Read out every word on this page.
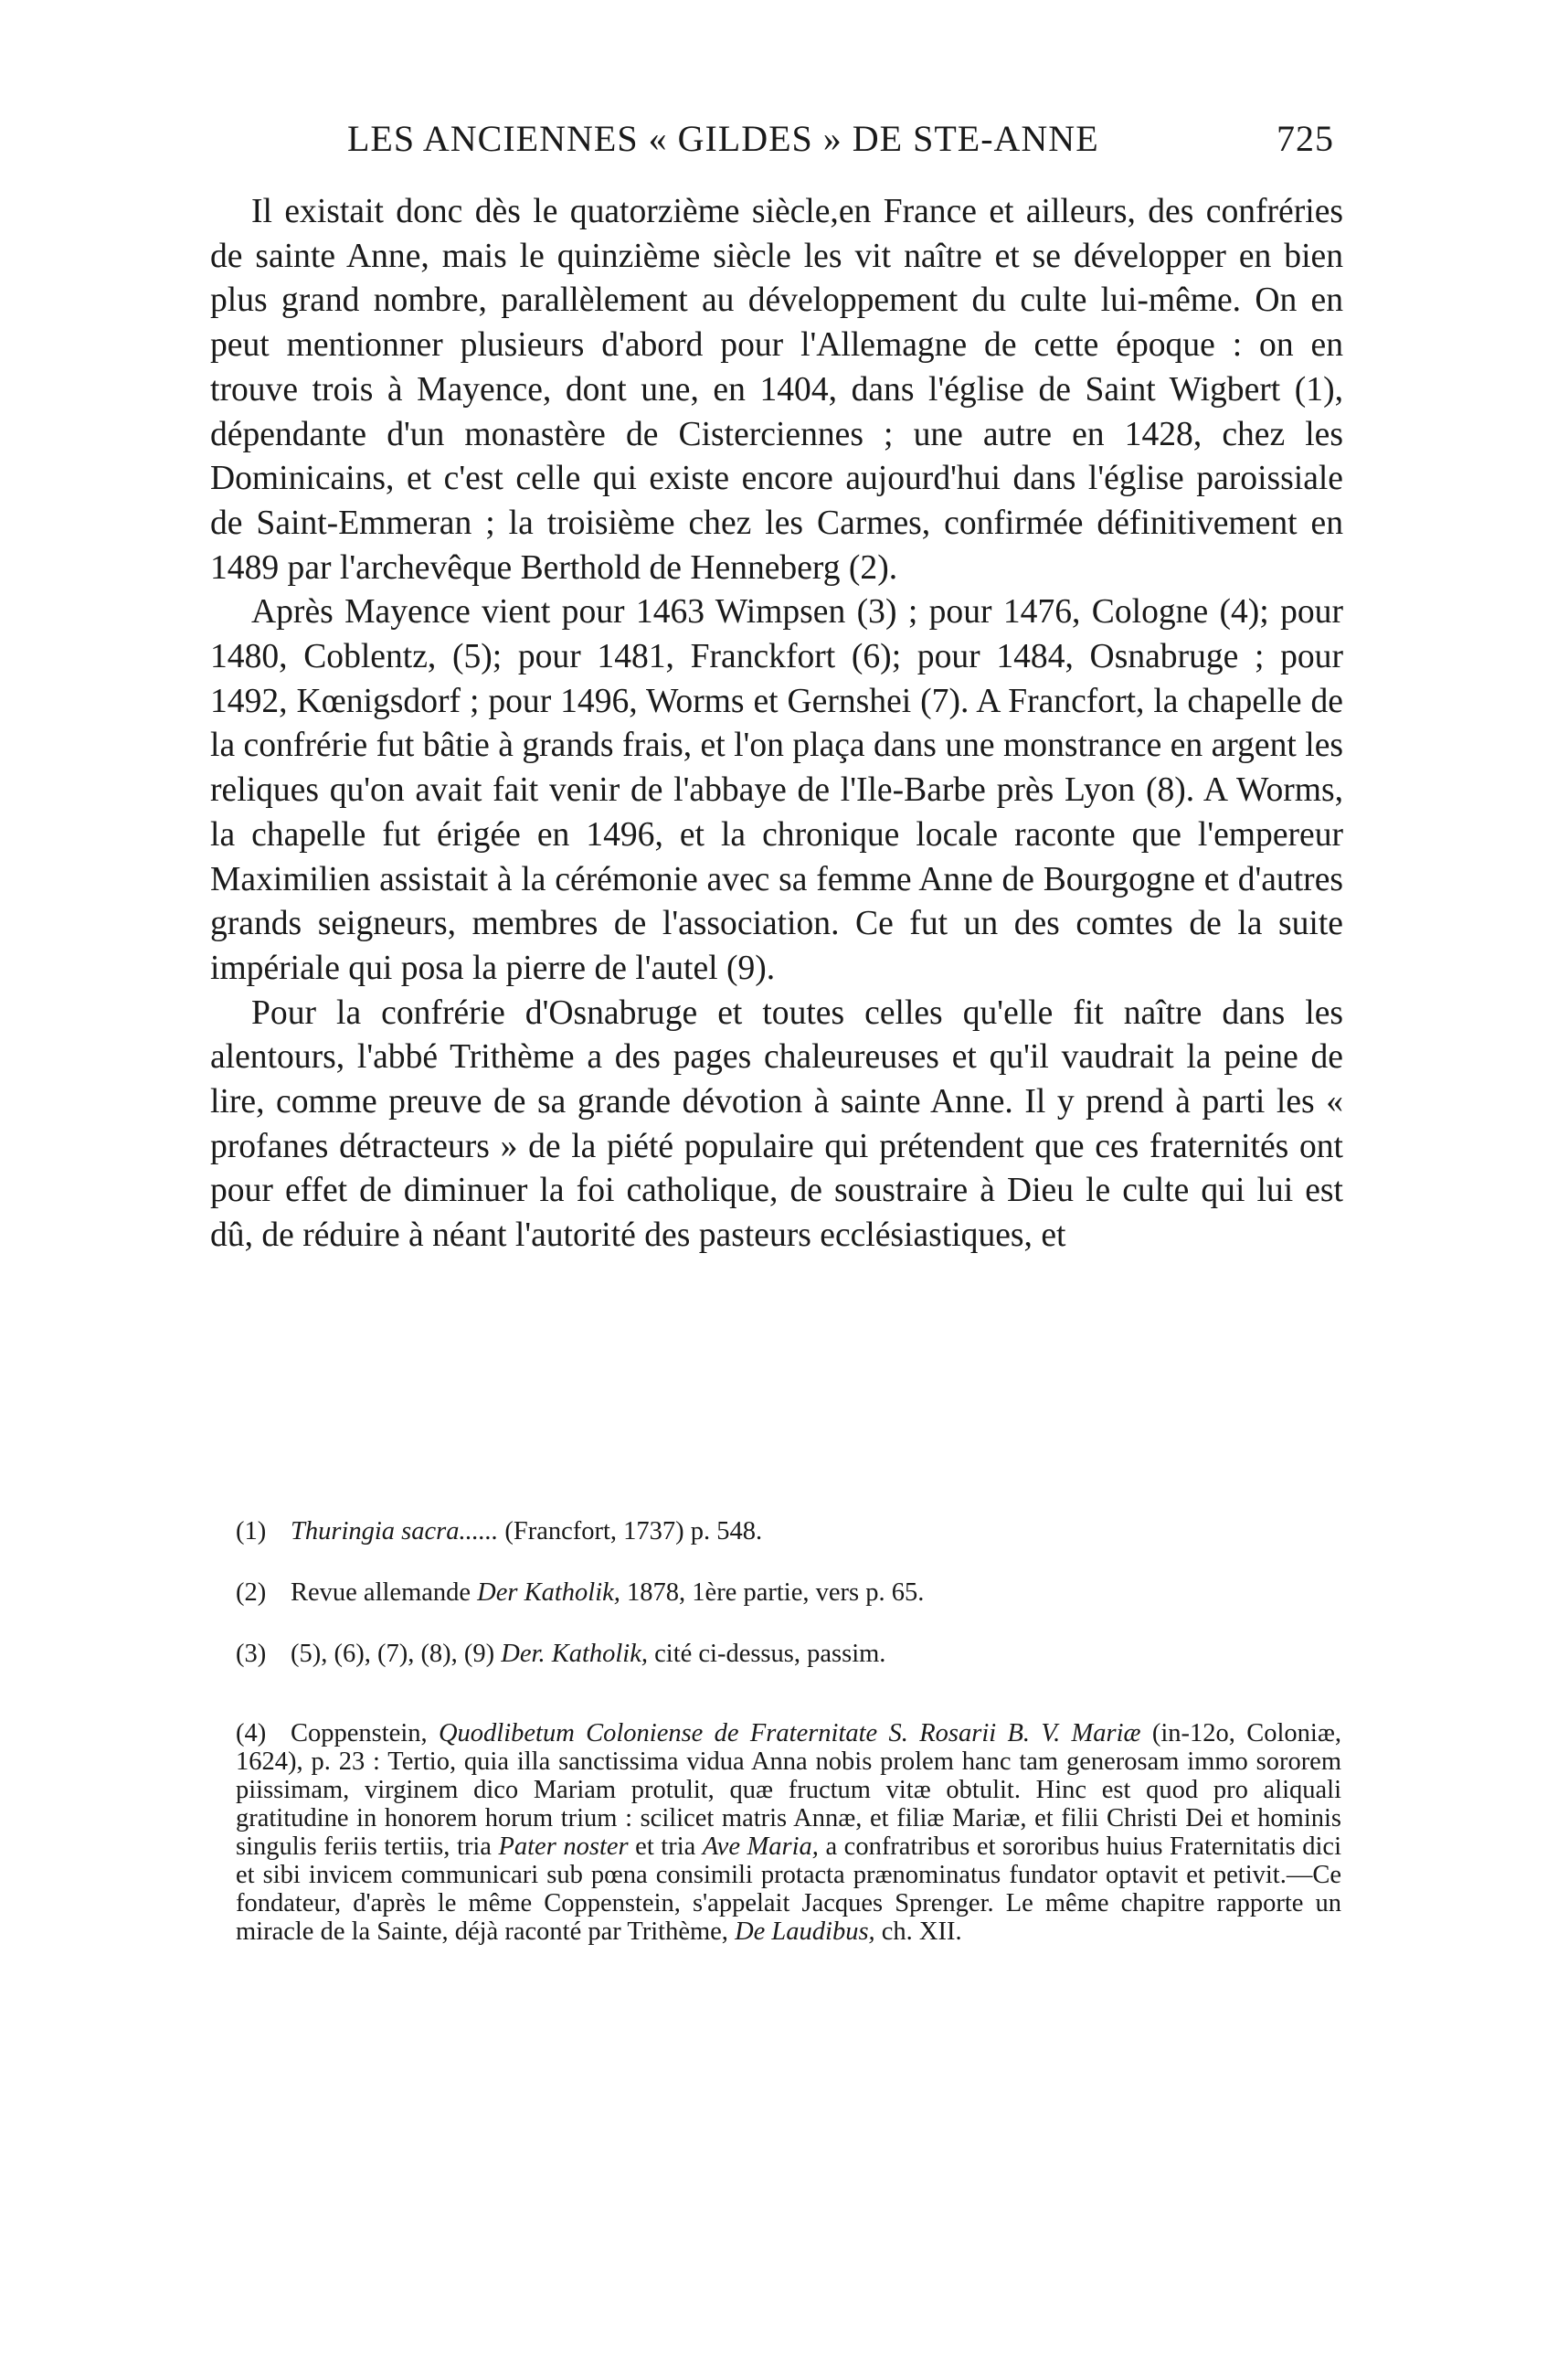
LES ANCIENNES « GILDES » DE STE-ANNE	725

Il existait donc dès le quatorzième siècle,en France et ailleurs, des confréries de sainte Anne, mais le quinzième siècle les vit naître et se développer en bien plus grand nombre, parallèlement au développement du culte lui-même. On en peut mentionner plusieurs d'abord pour l'Allemagne de cette époque : on en trouve trois à Mayence, dont une, en 1404, dans l'église de Saint Wigbert (1), dépendante d'un monastère de Cisterciennes ; une autre en 1428, chez les Dominicains, et c'est celle qui existe encore aujourd'hui dans l'église paroissiale de Saint-Emmeran ; la troisième chez les Carmes, confirmée définitivement en 1489 par l'archevêque Berthold de Henneberg (2).

Après Mayence vient pour 1463 Wimpsen (3) ; pour 1476, Cologne (4); pour 1480, Coblentz, (5); pour 1481, Franckfort (6); pour 1484, Osnabruge ; pour 1492, Kœnigsdorf ; pour 1496, Worms et Gernshei (7). A Francfort, la chapelle de la confrérie fut bâtie à grands frais, et l'on plaça dans une monstrance en argent les reliques qu'on avait fait venir de l'abbaye de l'Ile-Barbe près Lyon (8). A Worms, la chapelle fut érigée en 1496, et la chronique locale raconte que l'empereur Maximilien assistait à la cérémonie avec sa femme Anne de Bourgogne et d'autres grands seigneurs, membres de l'association. Ce fut un des comtes de la suite impériale qui posa la pierre de l'autel (9).

Pour la confrérie d'Osnabruge et toutes celles qu'elle fit naître dans les alentours, l'abbé Trithème a des pages chaleureuses et qu'il vaudrait la peine de lire, comme preuve de sa grande dévotion à sainte Anne. Il y prend à parti les « profanes détracteurs » de la piété populaire qui prétendent que ces fraternités ont pour effet de diminuer la foi catholique, de soustraire à Dieu le culte qui lui est dû, de réduire à néant l'autorité des pasteurs ecclésiastiques, et

(1) Thuringia sacra...... (Francfort, 1737) p. 548.

(2) Revue allemande Der Katholik, 1878, 1ère partie, vers p. 65.

(3) (5), (6), (7), (8), (9) Der. Katholik, cité ci-dessus, passim.

(4) Coppenstein, Quodlibetum Coloniense de Fraternitate S. Rosarii B. V. Mariæ (in-12o, Coloniæ, 1624), p. 23 : Tertio, quia illa sanctissima vidua Anna nobis prolem hanc tam generosam immo sororem piissimam, virginem dico Mariam protulit, quæ fructum vitæ obtulit. Hinc est quod pro aliquali gratitudine in honorem horum trium : scilicet matris Annæ, et filiæ Mariæ, et filii Christi Dei et hominis singulis feriis tertiis, tria Pater noster et tria Ave Maria, a confratribus et sororibus huius Fraternitatis dici et sibi invicem communicari sub pœna consimili protacta prænominatus fundator optavit et petivit.—Ce fondateur, d'après le même Coppenstein, s'appelait Jacques Sprenger. Le même chapitre rapporte un miracle de la Sainte, déjà raconté par Trithème, De Laudibus, ch. XII.
